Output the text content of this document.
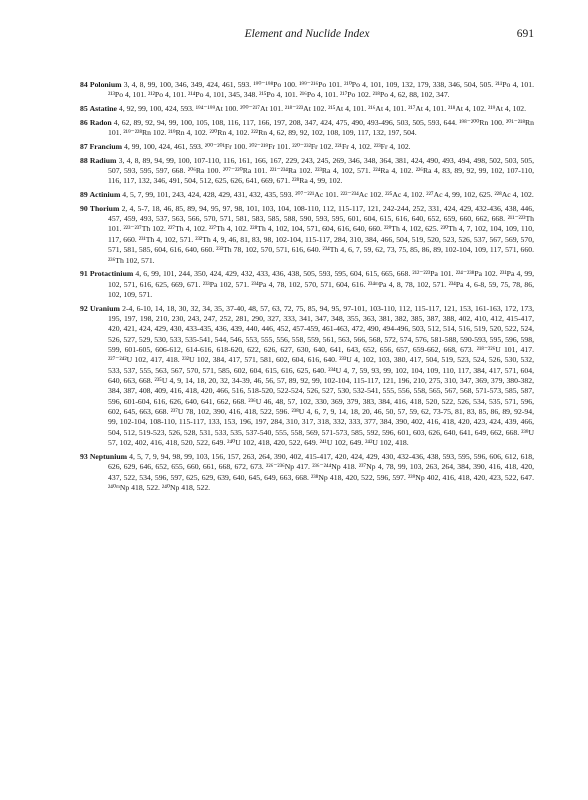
Element and Nuclide Index	691

84 Polonium 3, 4, 8, 99, 100, 346, 349, 424, 461, 593. ¹⁹⁰⁻¹⁹⁸Po 100. ¹⁹⁹⁻²¹⁶Po 101. ²¹⁰Po 4, 101, 109, 132, 179, 338, 346, 504, 505. ²¹¹Po 4, 101. ²¹³Po 4, 101. ²¹²Po 4, 101. ²¹⁴Po 4, 101, 345, 348. ²¹⁵Po 4, 101. ²¹⁶Po 4, 101. ²¹⁷Po 102. ²¹⁸Po 4, 62, 88, 102, 347.

85 Astatine 4, 92, 99, 100, 424, 593. ¹⁹⁴⁻¹⁹⁹At 100. ²⁰⁰⁻²¹⁷At 101. ²¹⁸⁻²²³At 102. ²¹⁵At 4, 101. ²¹⁶At 4, 101. ²¹⁷At 4, 101. ²¹⁸At 4, 102. ²¹⁹At 4, 102.

86 Radon 4, 62, 89, 92, 94, 99, 100, 105, 108, 116, 117, 166, 197, 208, 347, 424, 475, 490, 493-496, 503, 505, 593, 644. ¹⁹⁸⁻²⁰⁰Rn 100. ²⁰¹⁻²¹⁸Rn 101. ²¹⁹⁻²²⁸Rn 102. ²¹⁹Rn 4, 102. ²²⁰Rn 4, 102. ²²²Rn 4, 62, 89, 92, 102, 108, 109, 117, 132, 197, 504.

87 Francium 4, 99, 100, 424, 461, 593. ²⁰⁰⁻²⁰¹Fr 100. ²⁰²⁻²¹⁹Fr 101. ²²⁰⁻²³²Fr 102. ²²¹Fr 4, 102. ²²³Fr 4, 102.

88 Radium 3, 4, 8, 89, 94, 99, 100, 107-110, 116, 161, 166, 167, 229, 243, 245, 269, 346, 348, 364, 381, 424, 490, 493, 494, 498, 502, 503, 505, 507, 593, 595, 597, 668. ²⁰⁶Ra 100. ²⁰⁷⁻²²⁰Ra 101. ²²¹⁻²³⁴Ra 102. ²²³Ra 4, 102, 571. ²²⁴Ra 4, 102. ²²⁶Ra 4, 83, 89, 92, 99, 102, 107-110, 116, 117, 132, 346, 491, 504, 512, 625, 626, 641, 669, 671. ²²⁸Ra 4, 99, 102.

89 Actinium 4, 5, 7, 99, 101, 243, 424, 428, 429, 431, 432, 435, 593. ²⁰⁷⁻²²¹Ac 101. ²²²⁻²³⁴Ac 102. ²²⁵Ac 4, 102. ²²⁷Ac 4, 99, 102, 625. ²²⁸Ac 4, 102.

90 Thorium 2, 4, 5-7, 18, 46, 85, 89, 94, 95, 97, 98, 101, 103, 104, 108-110, 112, 115-117, 121, 242-244, 252, 331, 424, 429, 432-436, 438, 446, 457, 459, 493, 537, 563, 566, 570, 571, 581, 583, 585, 588, 590, 593, 595, 601, 604, 615, 616, 640, 652, 659, 660, 662, 668. ²¹¹⁻²²³Th 101. ²²³⁻²³⁷Th 102. ²²⁷Th 4, 102. ²²⁷Th 4, 102. ²²⁸Th 4, 102, 104, 571, 604, 616, 640, 660. ²²⁹Th 4, 102, 625. ²³⁰Th 4, 7, 102, 104, 109, 110, 117, 660. ²³¹Th 4, 102, 571. ²³²Th 4, 9, 46, 81, 83, 98, 102-104, 115-117, 284, 310, 384, 466, 504, 519, 520, 523, 526, 537, 567, 569, 570, 571, 581, 585, 604, 616, 640, 660. ²³³Th 78, 102, 570, 571, 616, 640. ²³⁴Th 4, 6, 7, 59, 62, 73, 75, 85, 86, 89, 102-104, 109, 117, 571, 660. ²³⁶Th 102, 571.

91 Protactinium 4, 6, 99, 101, 244, 350, 424, 429, 432, 433, 436, 438, 505, 593, 595, 604, 615, 665, 668. ²¹²⁻²²³Pa 101. ²²⁴⁻²³⁸Pa 102. ²³¹Pa 4, 99, 102, 571, 616, 625, 669, 671. ²³³Pa 102, 571. ²³⁴Pa 4, 78, 102, 570, 571, 604, 616. ²³⁴ᵐPa 4, 8, 78, 102, 571. ²³⁴Pa 4, 6-8, 59, 75, 78, 86, 102, 109, 571.

92 Uranium 2-4, 6-10, 14, 18, 30, 32, 34, 35, 37-40, 48, 57, 63, 72, 75, 85, 94, 95, 97-101, 103-110, 112, 115-117, 121, 153, 161-163, 172, 173, 195, 197, 198, 210, 230, 243, 247, 252, 281, 290, 327, 333, 341, 347, 348, 355, 363, 381, 382, 385, 387, 388, 402, 410, 412, 415-417, 420, 421, 424, 429, 430, 433-435, 436, 439, 440, 446, 452, 457-459, 461-463, 472, 490, 494-496, 503, 512, 514, 516, 519, 520, 522, 524, 526, 527, 529, 530, 533, 535-541, 544, 546, 553, 555, 556, 558, 559, 561, 563, 566, 568, 572, 574, 576, 581-588, 590-593, 595, 596, 598, 599, 601-605, 606-612, 614-616, 618-620, 622, 626, 627, 630, 640, 641, 643, 652, 656, 657, 659-662, 668, 673. ²¹⁸⁻²²⁶U 101, 417. ²²⁷⁻²⁴²U 102, 417, 418. ²³²U 102, 384, 417, 571, 581, 602, 604, 616, 640. ²³³U 4, 102, 103, 380, 417, 504, 519, 523, 524, 526, 530, 532, 533, 537, 555, 563, 567, 570, 571, 585, 602, 604, 615, 616, 625, 640. ²³⁴U 4, 7, 59, 93, 99, 102, 104, 109, 110, 117, 384, 417, 571, 604, 640, 663, 668. ²³⁵U 4, 9, 14, 18, 20, 32, 34-39, 46, 56, 57, 89, 92, 99, 102-104, 115-117, 121, 196, 210, 275, 310, 347, 369, 379, 380-382, 384, 387, 408, 409, 416, 418, 420, 466, 516, 518-520, 522-524, 526, 527, 530, 532-541, 555, 556, 558, 565, 567, 568, 571-573, 585, 587, 596, 601-604, 616, 626, 640, 641, 662, 668. ²³⁶U 46, 48, 57, 102, 330, 369, 379, 383, 384, 416, 418, 520, 522, 526, 534, 535, 571, 596, 602, 645, 663, 668. ²³⁷U 78, 102, 390, 416, 418, 522, 596. ²³⁸U 4, 6, 7, 9, 14, 18, 20, 46, 50, 57, 59, 62, 73-75, 81, 83, 85, 86, 89, 92-94, 99, 102-104, 108-110, 115-117, 133, 153, 196, 197, 284, 310, 317, 318, 332, 333, 377, 384, 390, 402, 416, 418, 420, 423, 424, 439, 466, 504, 512, 519-523, 526, 528, 531, 533, 535, 537-540, 555, 558, 569, 571-573, 585, 592, 596, 601, 603, 626, 640, 641, 649, 662, 668. ²³⁹U 57, 102, 402, 416, 418, 520, 522, 649. ²⁴⁰U 102, 418, 420, 522, 649. ²⁴¹U 102, 649. ²⁴²U 102, 418.

93 Neptunium 4, 5, 7, 9, 94, 98, 99, 103, 156, 157, 263, 264, 390, 402, 415-417, 420, 424, 429, 430, 432-436, 438, 593, 595, 596, 606, 612, 618, 626, 629, 646, 652, 655, 660, 661, 668, 672, 673. ²²⁶⁻²³⁶Np 417. ²³⁶⁻²⁴⁴Np 418. ²³⁷Np 4, 78, 99, 103, 263, 264, 384, 390, 416, 418, 420, 437, 522, 534, 596, 597, 625, 629, 639, 640, 645, 649, 663, 668. ²³⁸Np 418, 420, 522, 596, 597. ²³⁹Np 402, 416, 418, 420, 423, 522, 647. ²⁴⁰ᵐNp 418, 522. ²⁴⁰Np 418, 522.
